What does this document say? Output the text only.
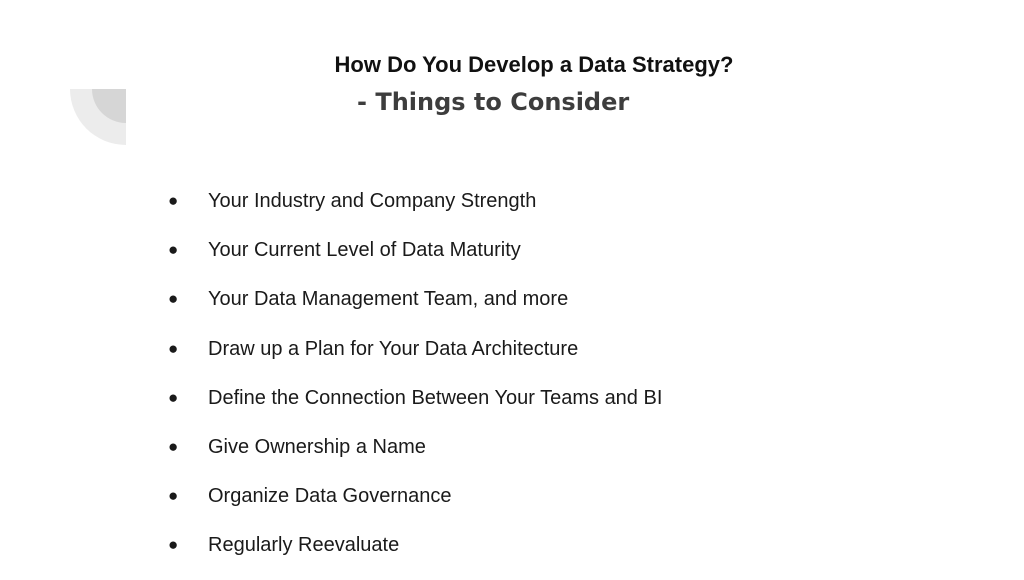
How Do You Develop a Data Strategy?
- Things to Consider
●	Your Industry and Company Strength
●	Your Current Level of Data Maturity
●	Your Data Management Team, and more
●	Draw up a Plan for Your Data Architecture
●	Define the Connection Between Your Teams and BI
●	Give Ownership a Name
●	Organize Data Governance
●	Regularly Reevaluate
